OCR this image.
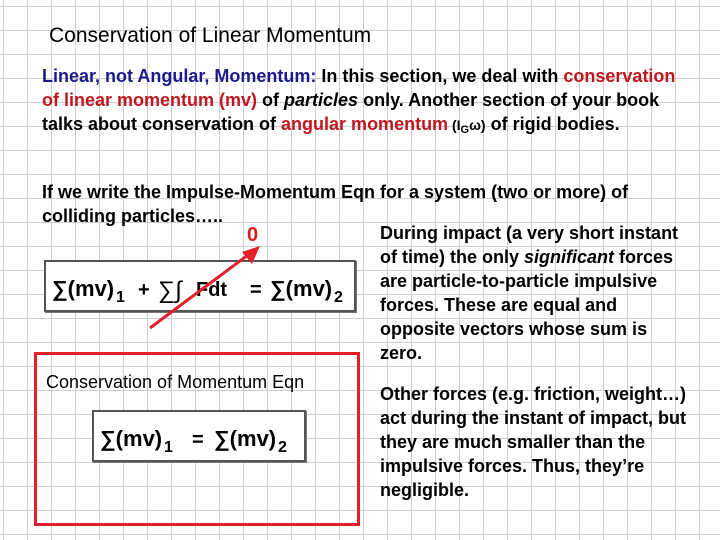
Conservation of Linear Momentum
Linear, not Angular, Momentum: In this section, we deal with conservation of linear momentum (mv) of particles only. Another section of your book talks about conservation of angular momentum $(I_G\omega)$ of rigid bodies.
If we write the Impulse-Momentum Eqn for a system (two or more) of colliding particles…..
0
∑(mv) 1 + ∑∫ Fdt = ∑(mv) 2
During impact (a very short instant of time) the only significant forces are particle-to-particle impulsive forces. These are equal and opposite vectors whose sum is zero.
Conservation of Momentum Eqn
∑(mv) 1 = ∑(mv) 2
Other forces (e.g. friction, weight…) act during the instant of impact, but they are much smaller than the impulsive forces. Thus, they’re negligible.
